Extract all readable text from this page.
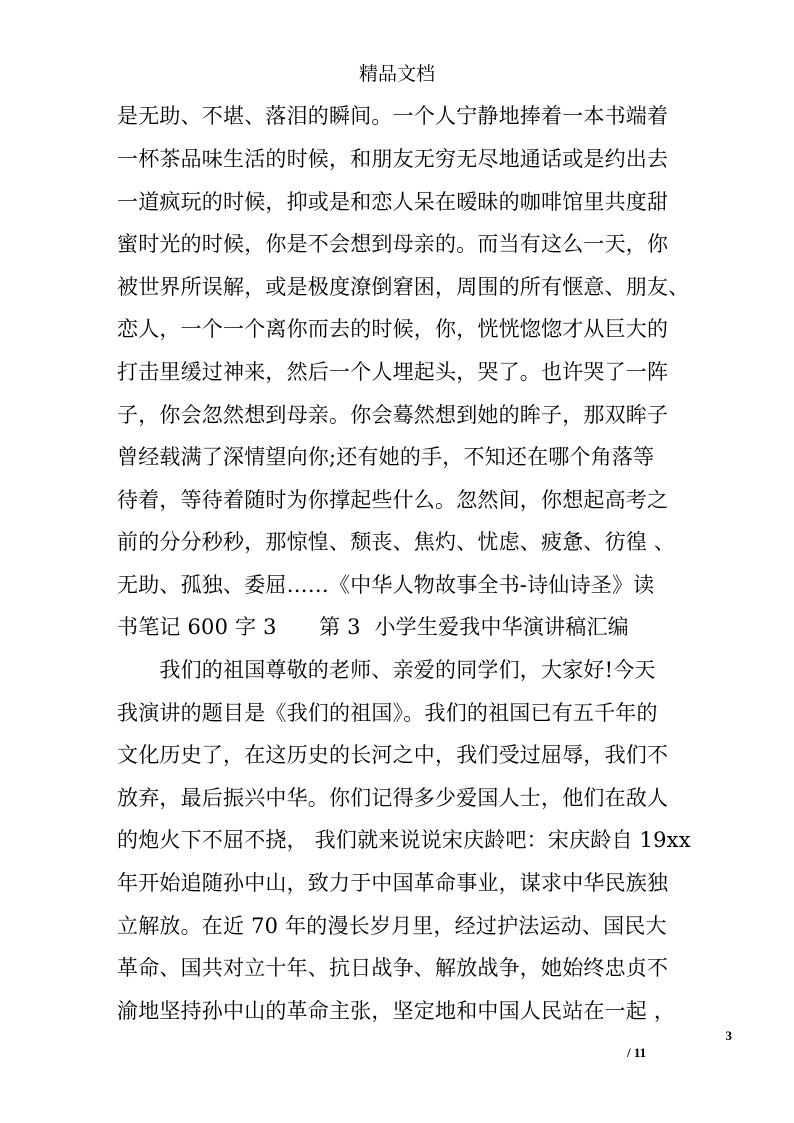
精品文档
是无助、不堪、落泪的瞬间。一个人宁静地捧着一本书端着
一杯茶品味生活的时候，和朋友无穷无尽地通话或是约出去
一道疯玩的时候，抑或是和恋人呆在暧昧的咖啡馆里共度甜
蜜时光的时候，你是不会想到母亲的。而当有这么一天，你
被世界所误解，或是极度潦倒窘困，周围的所有惬意、朋友、
恋人，一个一个离你而去的时候，你，恍恍惚惚才从巨大的
打击里缓过神来，然后一个人埋起头，哭了。也许哭了一阵
子，你会忽然想到母亲。你会蓦然想到她的眸子，那双眸子
曾经载满了深情望向你;还有她的手，不知还在哪个角落等
待着，等待着随时为你撑起些什么。忽然间，你想起高考之
前的分分秒秒，那惊惶、颓丧、焦灼、忧虑、疲惫、彷徨 、
无助、孤独、委屈……《中华人物故事全书-诗仙诗圣》读
书笔记 600 字 3　　第 3  小学生爱我中华演讲稿汇编
　　我们的祖国尊敬的老师、亲爱的同学们，大家好!今天
我演讲的题目是《我们的祖国》。我们的祖国已有五千年的
文化历史了，在这历史的长河之中，我们受过屈辱，我们不
放弃，最后振兴中华。你们记得多少爱国人士，他们在敌人
的炮火下不屈不挠， 我们就来说说宋庆龄吧：宋庆龄自 19xx
年开始追随孙中山，致力于中国革命事业，谋求中华民族独
立解放。在近 70 年的漫长岁月里，经过护法运动、国民大
革命、国共对立十年、抗日战争、解放战争，她始终忠贞不
渝地坚持孙中山的革命主张，坚定地和中国人民站在一起 ，
3
/ 11
